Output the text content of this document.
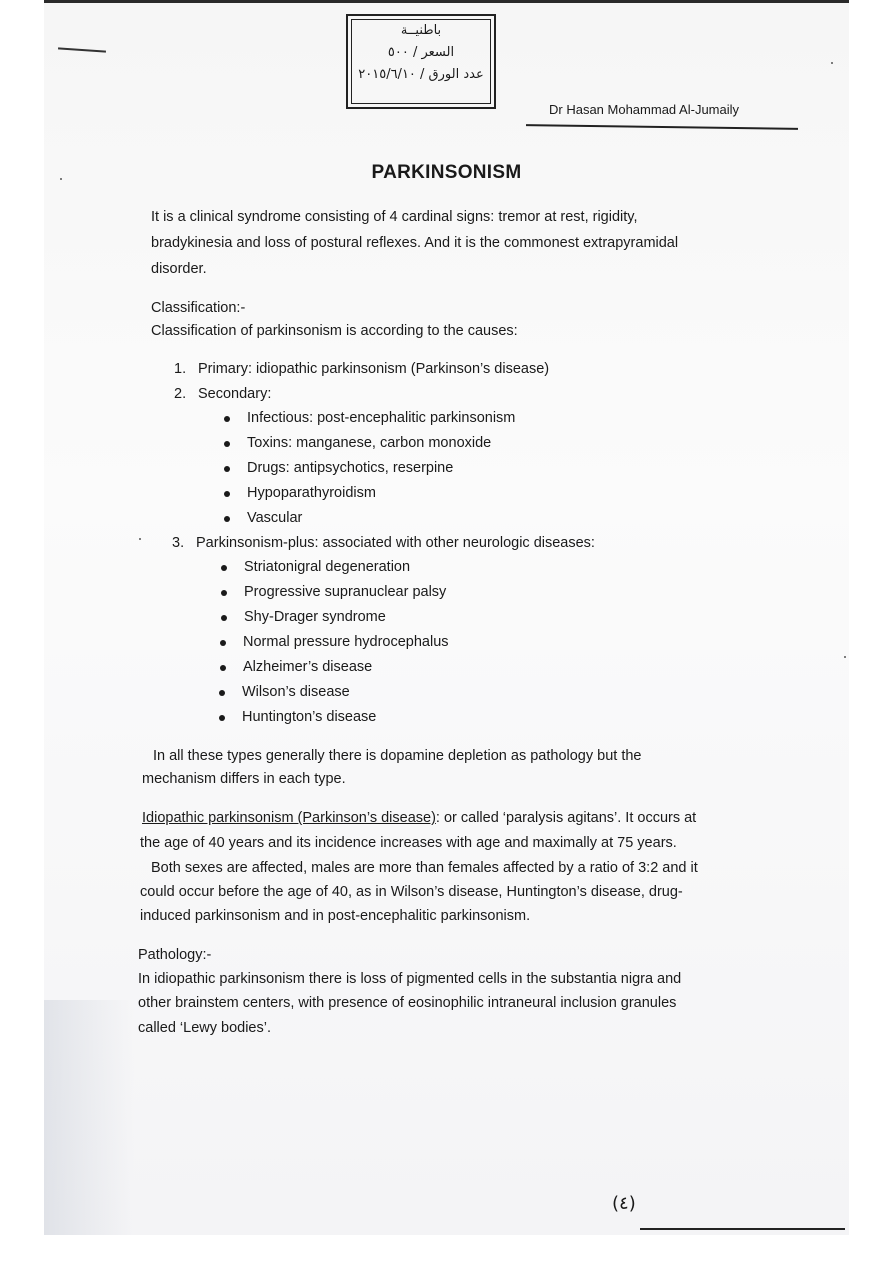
باطنيــة
السعر / ٥٠٠
عدد الورق / ٢٠١٥/٦/١٠
Dr Hasan Mohammad Al-Jumaily
PARKINSONISM
It is a clinical syndrome consisting of 4 cardinal signs: tremor at rest, rigidity,
bradykinesia and loss of postural reflexes. And it is the commonest extrapyramidal
disorder.
Classification:-
Classification of parkinsonism is according to the causes:
1. Primary: idiopathic parkinsonism (Parkinson’s disease)
2. Secondary:
Infectious: post-encephalitic parkinsonism
Toxins: manganese, carbon monoxide
Drugs: antipsychotics, reserpine
Hypoparathyroidism
Vascular
3. Parkinsonism-plus: associated with other neurologic diseases:
Striatonigral degeneration
Progressive supranuclear palsy
Shy-Drager syndrome
Normal pressure hydrocephalus
Alzheimer’s disease
Wilson’s disease
Huntington’s disease
In all these types generally there is dopamine depletion as pathology but the
mechanism differs in each type.
Idiopathic parkinsonism (Parkinson’s disease): or called ‘paralysis agitans’. It occurs at
the age of 40 years and its incidence increases with age and maximally at 75 years.
Both sexes are affected, males are more than females affected by a ratio of 3:2 and it
could occur before the age of 40, as in Wilson’s disease, Huntington’s disease, drug-
induced parkinsonism and in post-encephalitic parkinsonism.
Pathology:-
In idiopathic parkinsonism there is loss of pigmented cells in the substantia nigra and
other brainstem centers, with presence of eosinophilic intraneural inclusion granules
called ‘Lewy bodies’.
(٤)
